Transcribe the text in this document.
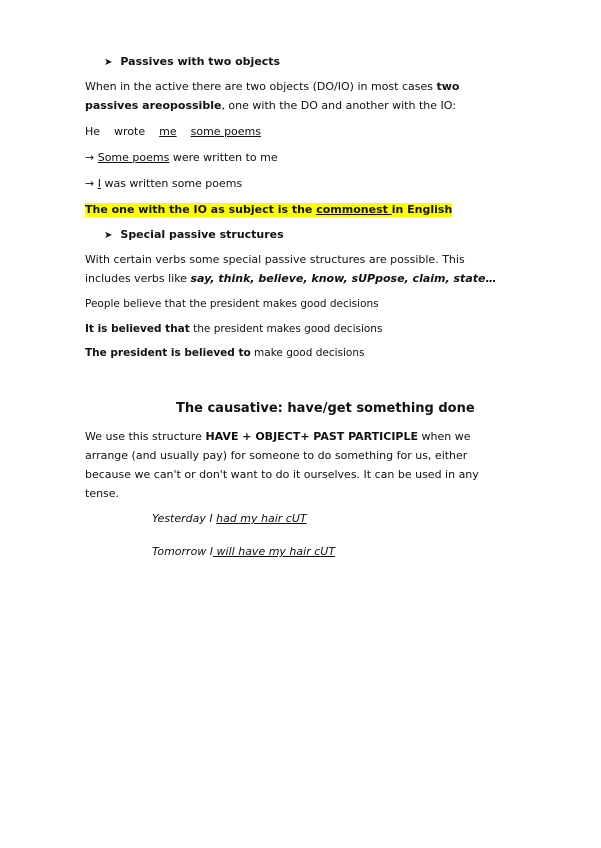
➤ Passives with two objects
When in the active there are two objects (DO/IO) in most cases two
passives areopossible, one with the DO and another with the IO:
He wrote me some poems
→ Some poems were written to me
→ I was written some poems
The one with the IO as subject is the commonest in English
➤ Special passive structures
With certain verbs some special passive structures are possible. This
includes verbs like say, think, believe, know, sUPpose, claim, state…
People believe that the president makes good decisions
It is believed that the president makes good decisions
The president is believed to make good decisions
The causative: have/get something done
We use this structure HAVE + OBJECT+ PAST PARTICIPLE when we
arrange (and usually pay) for someone to do something for us, either
because we can't or don't want to do it ourselves. It can be used in any
tense.
Yesterday I had my hair cUT
Tomorrow I will have my hair cUT
